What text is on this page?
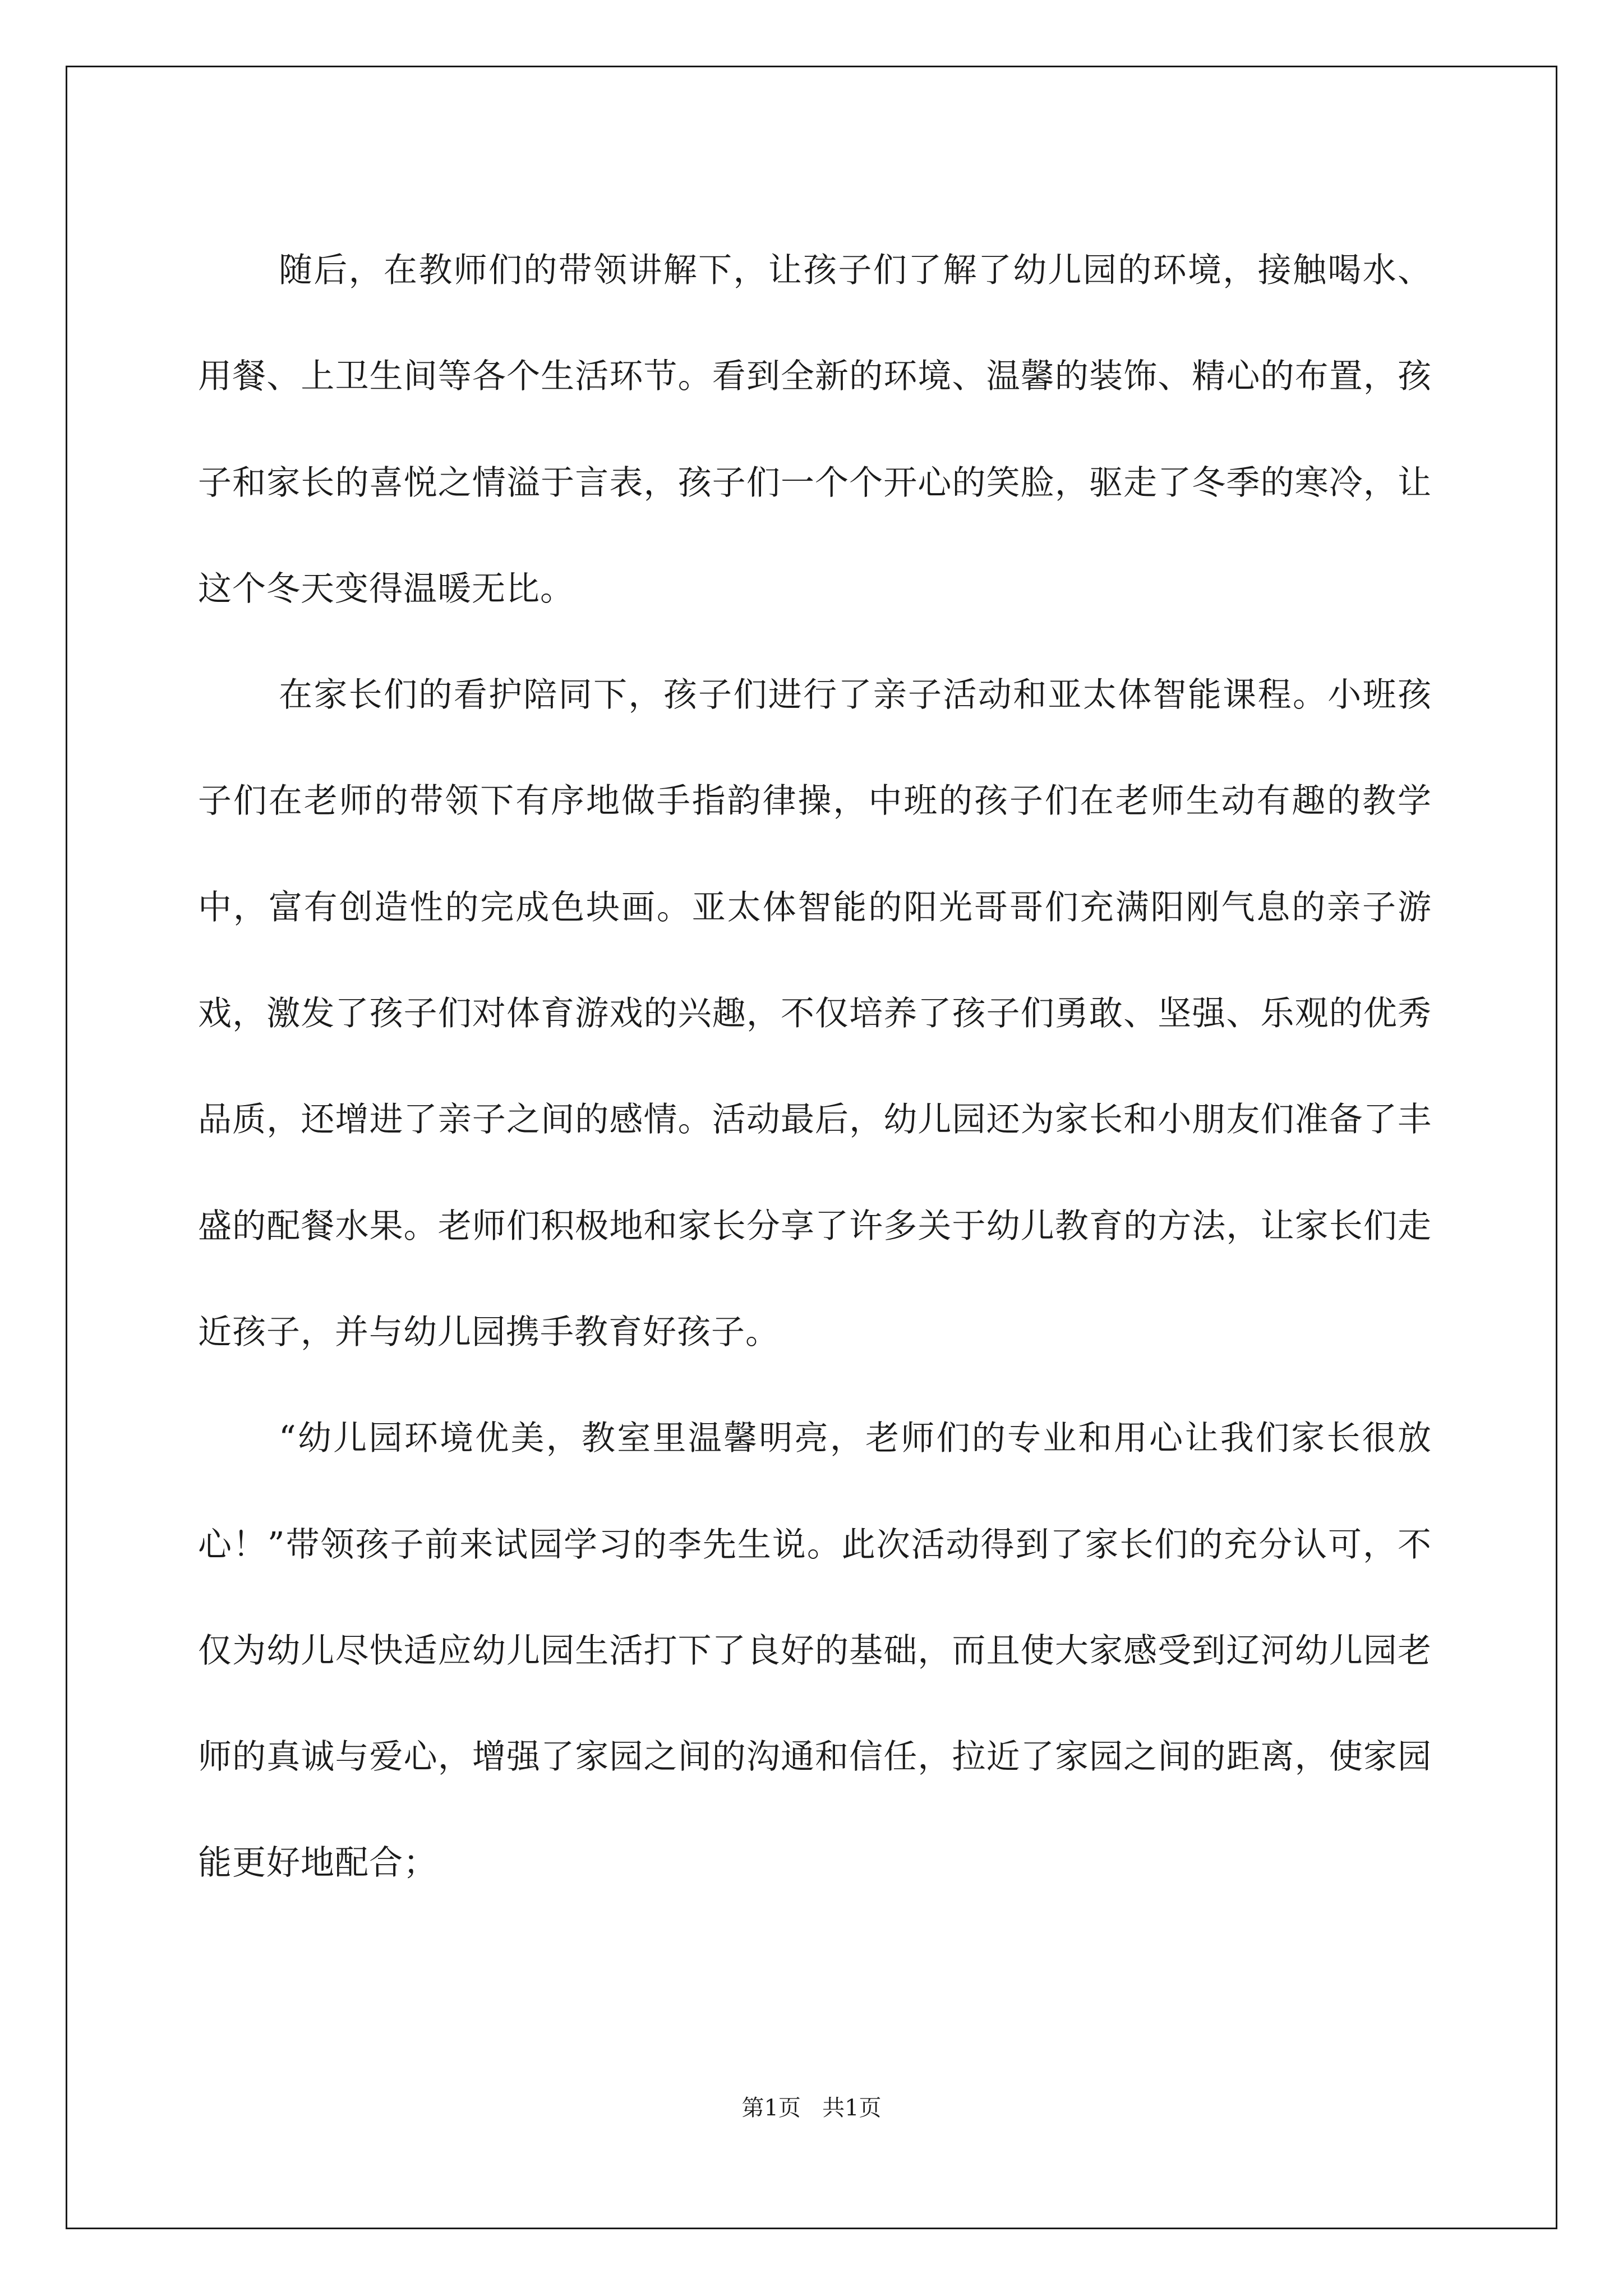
随后，在教师们的带领讲解下，让孩子们了解了幼儿园的环境，接触喝水、用餐、上卫生间等各个生活环节。看到全新的环境、温馨的装饰、精心的布置，孩子和家长的喜悦之情溢于言表，孩子们一个个开心的笑脸，驱走了冬季的寒冷，让这个冬天变得温暖无比。

在家长们的看护陪同下，孩子们进行了亲子活动和亚太体智能课程。小班孩子们在老师的带领下有序地做手指韵律操，中班的孩子们在老师生动有趣的教学中，富有创造性的完成色块画。亚太体智能的阳光哥哥们充满阳刚气息的亲子游戏，激发了孩子们对体育游戏的兴趣，不仅培养了孩子们勇敢、坚强、乐观的优秀品质，还增进了亲子之间的感情。活动最后，幼儿园还为家长和小朋友们准备了丰盛的配餐水果。老师们积极地和家长分享了许多关于幼儿教育的方法，让家长们走近孩子，并与幼儿园携手教育好孩子。

“幼儿园环境优美，教室里温馨明亮，老师们的专业和用心让我们家长很放心！”带领孩子前来试园学习的李先生说。此次活动得到了家长们的充分认可，不仅为幼儿尽快适应幼儿园生活打下了良好的基础，而且使大家感受到辽河幼儿园老师的真诚与爱心，增强了家园之间的沟通和信任，拉近了家园之间的距离，使家园能更好地配合；

第1页 共1页
